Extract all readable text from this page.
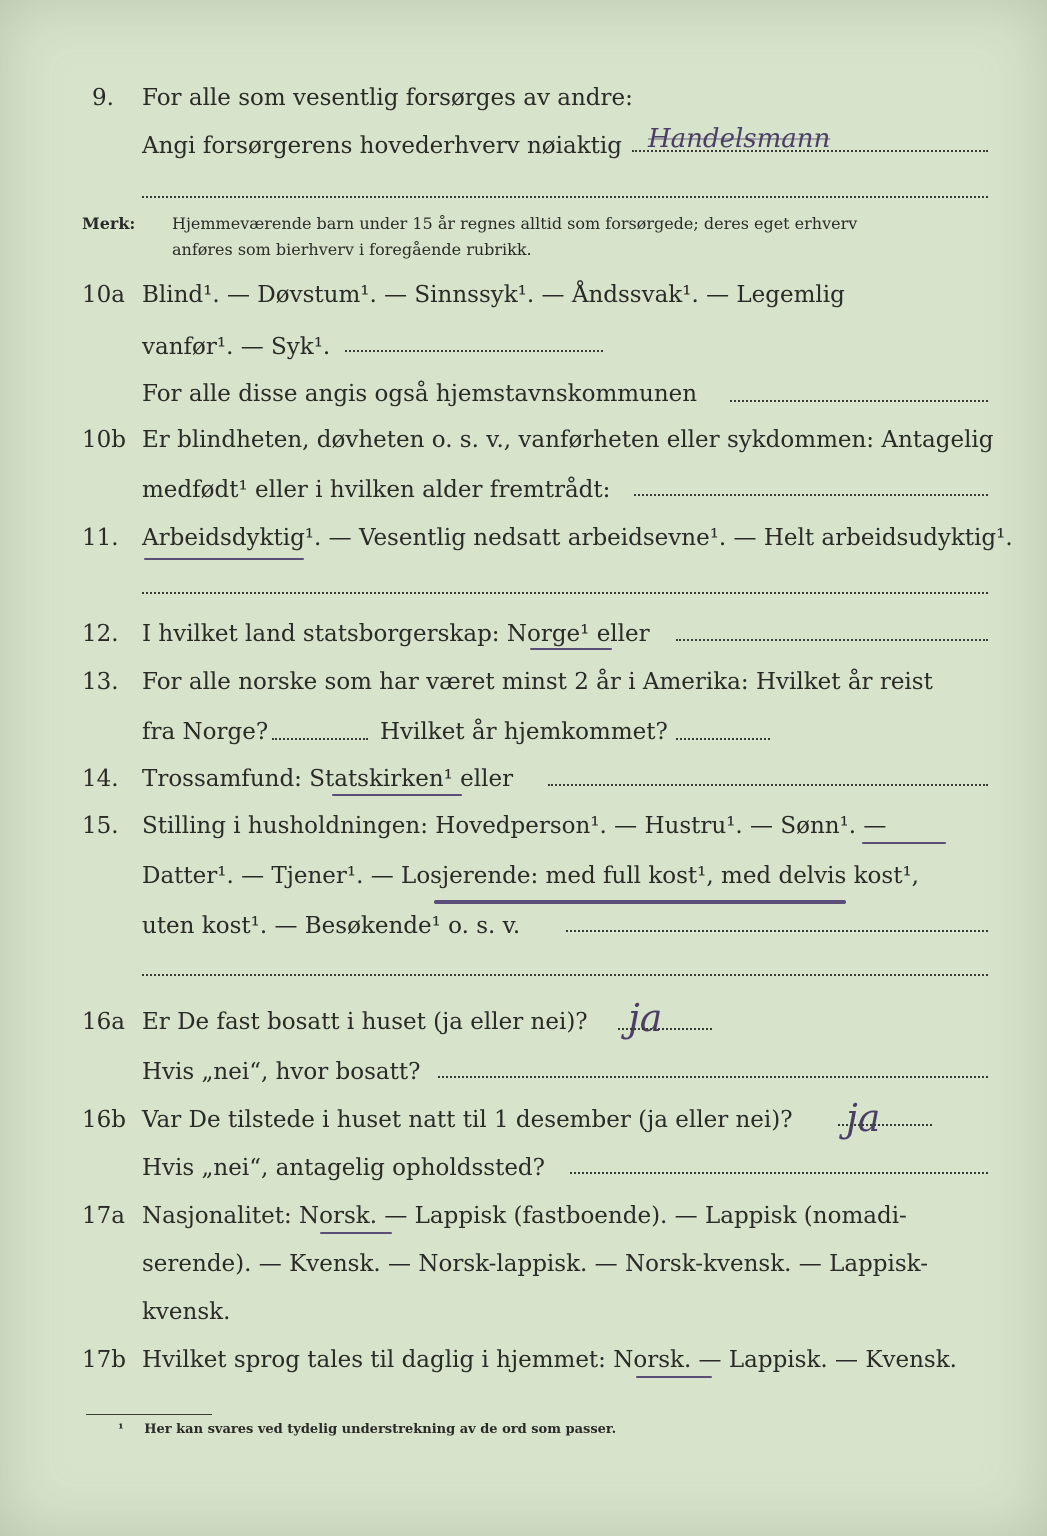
9.	For alle som vesentlig forsørges av andre:
Angi forsørgerens hovederhverv nøiaktig Handelsmann
Merk:	Hjemmeværende barn under 15 år regnes alltid som forsørgede; deres eget erhverv
anføres som bierhverv i foregående rubrikk.
10a Blind¹. — Døvstum¹. — Sinnssyk¹. — Åndssvak¹. — Legemlig
vanfør¹. — Syk¹.
For alle disse angis også hjemstavnskommunen
10b Er blindheten, døvheten o. s. v., vanførheten eller sykdommen: Antagelig
medfødt¹ eller i hvilken alder fremtrådt:
11.	Arbeidsdyktig¹. — Vesentlig nedsatt arbeidsevne¹. — Helt arbeidsudyktig¹.
12.	I hvilket land statsborgerskap: Norge¹ eller
13.	For alle norske som har været minst 2 år i Amerika: Hvilket år reist
fra Norge?	Hvilket år hjemkommet?
14.	Trossamfund: Statskirken¹ eller
15.	Stilling i husholdningen: Hovedperson¹. — Hustru¹. — Sønn¹. —
Datter¹. — Tjener¹. — Losjerende: med full kost¹, med delvis kost¹,
uten kost¹. — Besøkende¹ o. s. v.
16a Er De fast bosatt i huset (ja eller nei)? ja
Hvis „nei“, hvor bosatt?
16b Var De tilstede i huset natt til 1 desember (ja eller nei)? ja
Hvis „nei“, antagelig opholdssted?
17a Nasjonalitet: Norsk. — Lappisk (fastboende). — Lappisk (nomadi-
serende). — Kvensk. — Norsk-lappisk. — Norsk-kvensk. — Lappisk-
kvensk.
17b Hvilket sprog tales til daglig i hjemmet: Norsk. — Lappisk. — Kvensk.
¹ Her kan svares ved tydelig understrekning av de ord som passer.
